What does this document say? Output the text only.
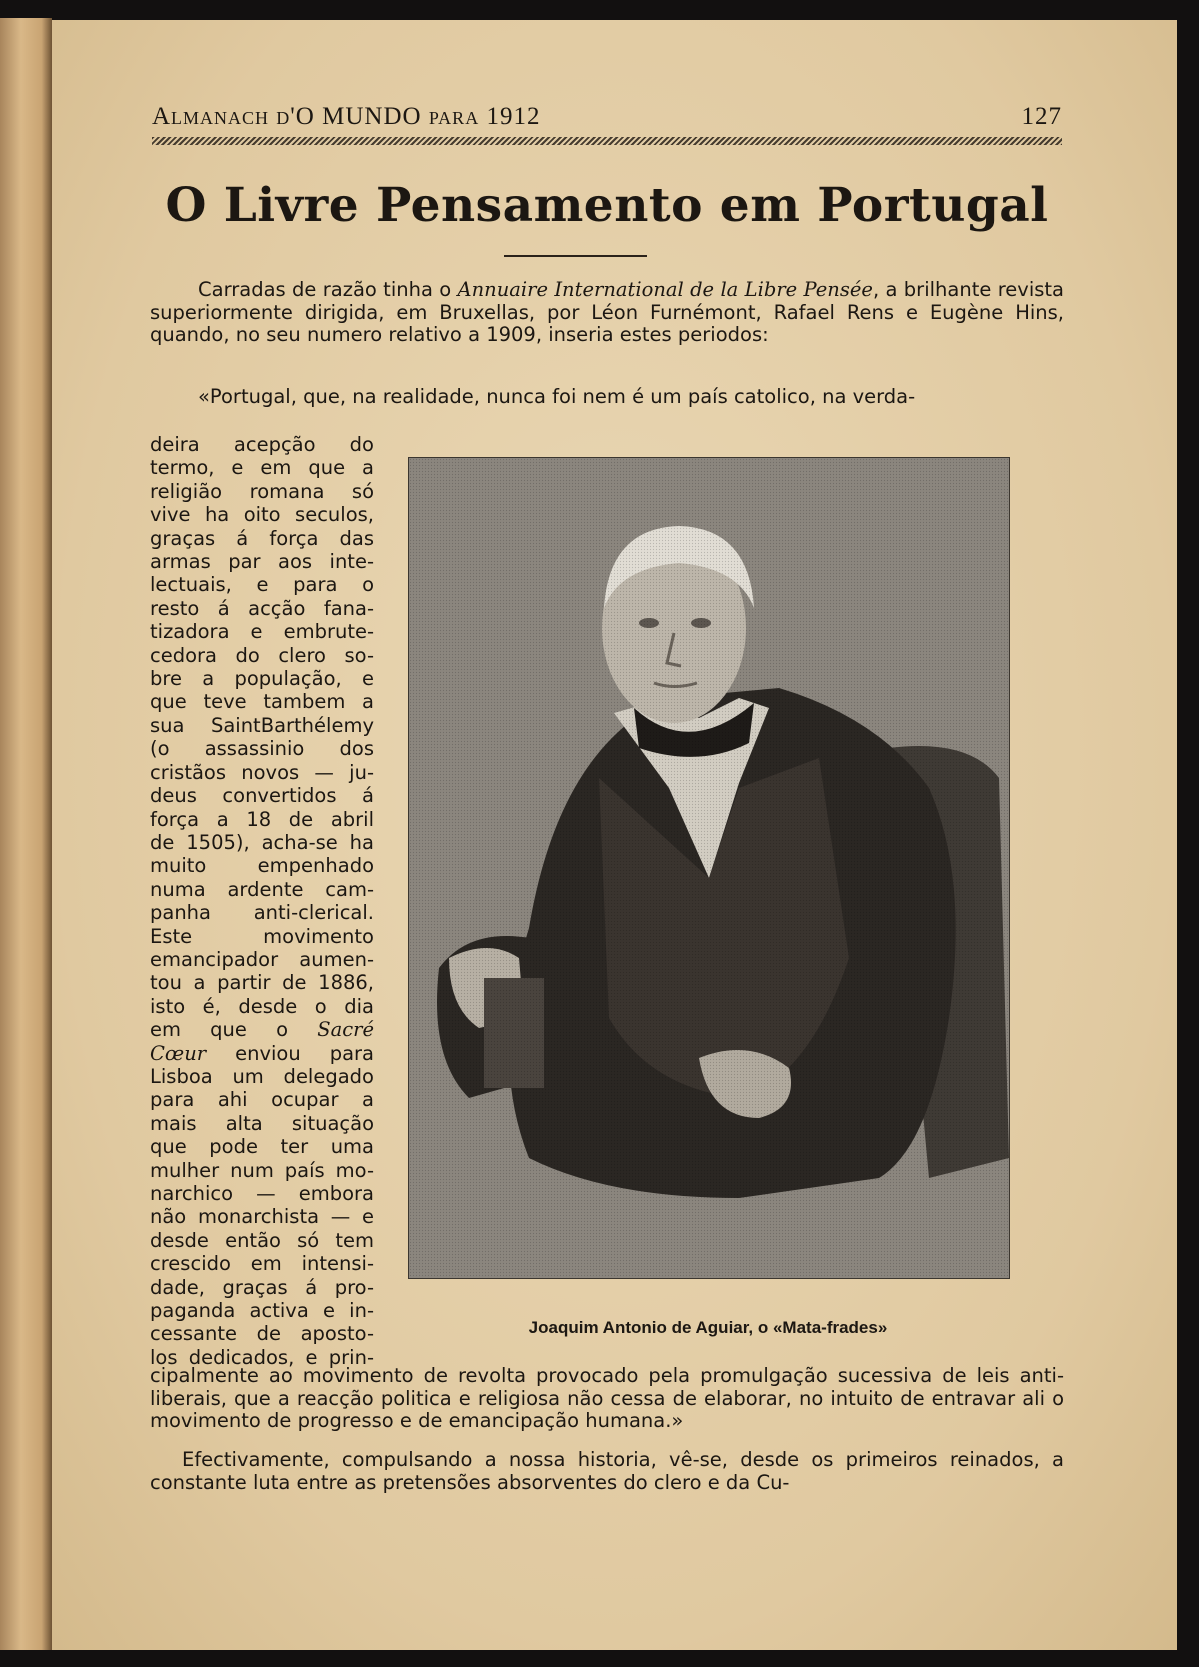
Almanach d'O MUNDO para 1912	127
O Livre Pensamento em Portugal

Carradas de razão tinha o Annuaire International de la Libre Pensée, a brilhante revista superiormente dirigida, em Bruxellas, por Léon Furnémont, Rafael Rens e Eugène Hins, quando, no seu numero relativo a 1909, inseria estes periodos:

«Portugal, que, na realidade, nunca foi nem é um país catolico, na verda-

deira acepção do
termo, e em que a
religião romana só
vive ha oito seculos,
graças á força das
armas par aos inte-
lectuais, e para o
resto á acção fana-
tizadora e embrute-
cedora do clero so-
bre a população, e
que teve tambem a
sua SaintBarthélemy
(o assassinio dos
cristãos novos — ju-
deus convertidos á
força a 18 de abril
de 1505), acha-se ha
muito empenhado
numa ardente cam-
panha anti-clerical.
Este movimento
emancipador aumen-
tou a partir de 1886,
isto é, desde o dia
em que o Sacré
Cœur enviou para
Lisboa um delegado
para ahi ocupar a
mais alta situação
que pode ter uma
mulher num país mo-
narchico — embora
não monarchista — e
desde então só tem
crescido em intensi-
dade, graças á pro-
paganda activa e in-
cessante de aposto-
los dedicados, e prin-
Joaquim Antonio de Aguiar, o «Mata-frades»

cipalmente ao movimento de revolta provocado pela promulgação sucessiva de leis anti-liberais, que a reacção politica e religiosa não cessa de elaborar, no intuito de entravar ali o movimento de progresso e de emancipação humana.»

Efectivamente, compulsando a nossa historia, vê-se, desde os primeiros reinados, a constante luta entre as pretensões absorventes do clero e da Cu-
